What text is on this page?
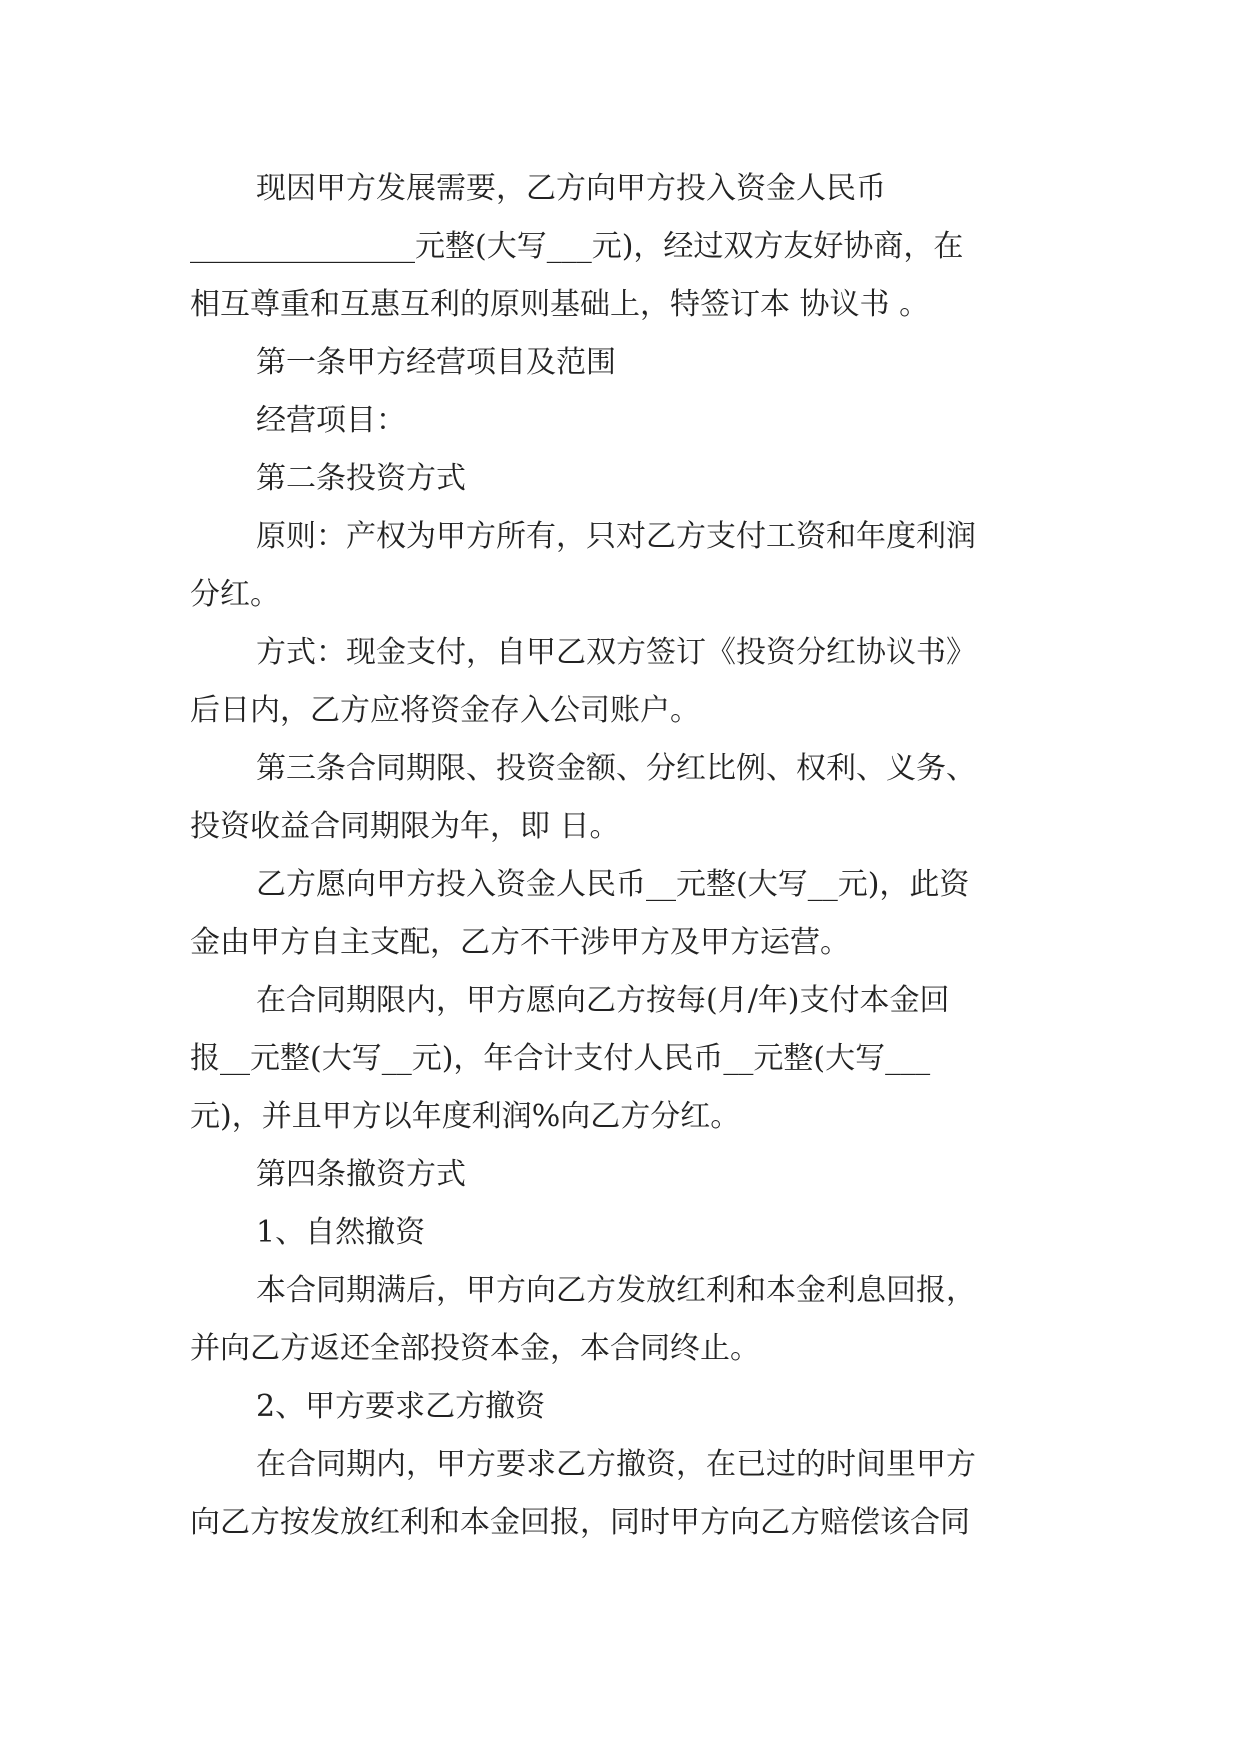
现因甲方发展需要，乙方向甲方投入资金人民币
_______________元整(大写___元)，经过双方友好协商，在
相互尊重和互惠互利的原则基础上，特签订本 协议书 。

第一条甲方经营项目及范围

经营项目：

第二条投资方式

原则：产权为甲方所有，只对乙方支付工资和年度利润
分红。

方式：现金支付，自甲乙双方签订《投资分红协议书》
后日内，乙方应将资金存入公司账户。

第三条合同期限、投资金额、分红比例、权利、义务、
投资收益合同期限为年，即 日。

乙方愿向甲方投入资金人民币__元整(大写__元)，此资
金由甲方自主支配，乙方不干涉甲方及甲方运营。

在合同期限内，甲方愿向乙方按每(月/年)支付本金回
报__元整(大写__元)，年合计支付人民币__元整(大写___
元)，并且甲方以年度利润%向乙方分红。

第四条撤资方式

1、自然撤资

本合同期满后，甲方向乙方发放红利和本金利息回报，
并向乙方返还全部投资本金，本合同终止。

2、甲方要求乙方撤资

在合同期内，甲方要求乙方撤资，在已过的时间里甲方
向乙方按发放红利和本金回报，同时甲方向乙方赔偿该合同
